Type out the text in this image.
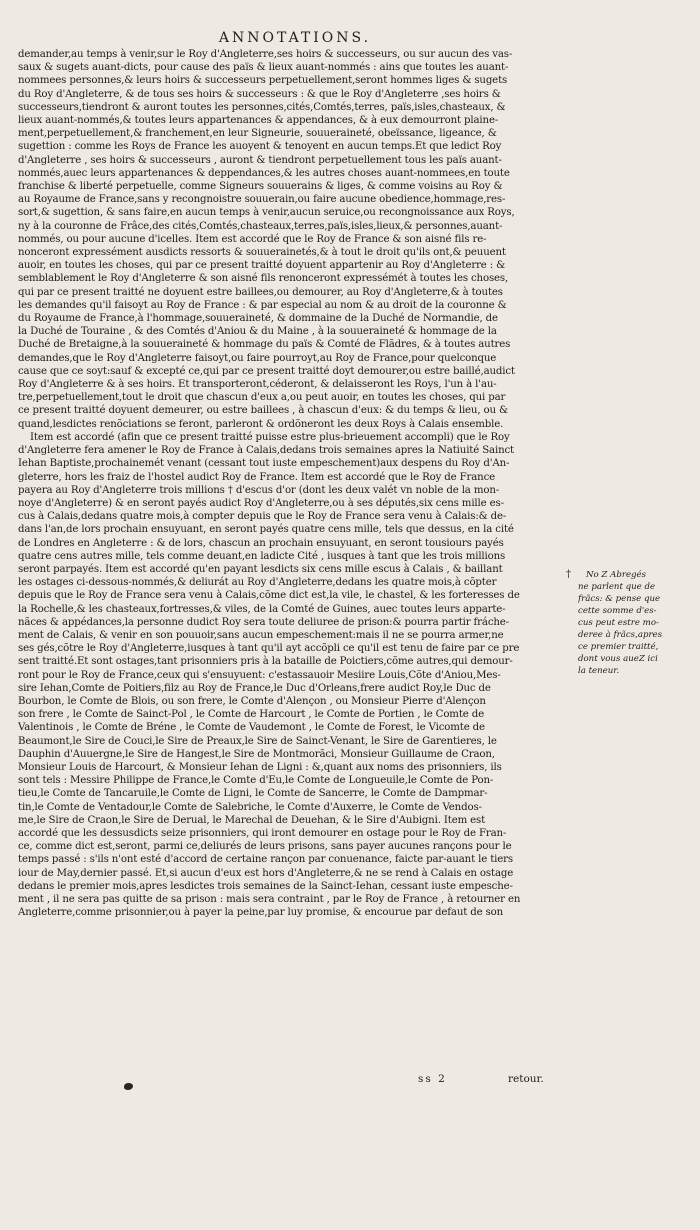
ANNOTATIONS.
demander,au temps à venir,sur le Roy d'Angleterre,ses hoirs & successeurs, ou sur aucun des vas-
saux & sugets auant-dicts, pour cause des païs & lieux auant-nommés : ains que toutes les auant-
nommees personnes,& leurs hoirs & successeurs perpetuellement,seront hommes liges & sugets
du Roy d'Angleterre, & de tous ses hoirs & successeurs : & que le Roy d'Angleterre ,ses hoirs &
successeurs,tiendront & auront toutes les personnes,cités,Comtés,terres, païs,isles,chasteaux, &
lieux auant-nommés,& toutes leurs appartenances & appendances, & à eux demourront plaine-
ment,perpetuellement,& franchement,en leur Signeurie, souueraineté, obeïssance, ligeance, &
sugettion : comme les Roys de France les auoyent & tenoyent en aucun temps.Et que ledict Roy
d'Angleterre , ses hoirs & successeurs , auront & tiendront perpetuellement tous les païs auant-
nommés,auec leurs appartenances & deppendances,& les autres choses auant-nommees,en toute
franchise & liberté perpetuelle, comme Signeurs souuerains & liges, & comme voisins au Roy &
au Royaume de France,sans y recongnoistre souuerain,ou faire aucune obedience,hommage,res-
sort,& sugettion, & sans faire,en aucun temps à venir,aucun seruice,ou recongnoissance aux Roys,
ny à la couronne de Frâce,des cités,Comtés,chasteaux,terres,païs,isles,lieux,& personnes,auant-
nommés, ou pour aucune d'icelles. Item est accordé que le Roy de France & son aisné fils re-
nonceront expressément ausdicts ressorts & souuerainetés,& à tout le droit qu'ils ont,& peuuent
auoir, en toutes les choses, qui par ce present traitté doyuent appartenir au Roy d'Angleterre : &
semblablement le Roy d'Angleterre & son aisné fils renonceront expressémét à toutes les choses,
qui par ce present traitté ne doyuent estre baillees,ou demourer, au Roy d'Angleterre,& à toutes
les demandes qu'il faisoyt au Roy de France : & par especial au nom & au droit de la couronne &
du Royaume de France,à l'hommage,souueraineté, & dommaine de la Duché de Normandie, de
la Duché de Touraine , & des Comtés d'Aniou & du Maine , à la souueraineté & hommage de la
Duché de Bretaigne,à la souueraineté & hommage du païs & Comté de Flãdres, & à toutes autres
demandes,que le Roy d'Angleterre faisoyt,ou faire pourroyt,au Roy de France,pour quelconque
cause que ce soyt:sauf & excepté ce,qui par ce present traitté doyt demourer,ou estre baillé,audict
Roy d'Angleterre & à ses hoirs. Et transporteront,céderont, & delaisseront les Roys, l'un à l'au-
tre,perpetuellement,tout le droit que chascun d'eux a,ou peut auoir, en toutes les choses, qui par
ce present traitté doyuent demeurer, ou estre baillees , à chascun d'eux: & du temps & lieu, ou &
quand,lesdictes renõciations se feront, parleront & ordõneront les deux Roys à Calais ensemble.
Item est accordé (afin que ce present traitté puisse estre plus-brieuement accompli) que le Roy
d'Angleterre fera amener le Roy de France à Calais,dedans trois semaines apres la Natiuité Sainct
Iehan Baptiste,prochainemét venant (cessant tout iuste empeschement)aux despens du Roy d'An-
gleterre, hors les fraiz de l'hostel audict Roy de France. Item est accordé que le Roy de France
payera au Roy d'Angleterre trois millions † d'escus d'or (dont les deux valét vn noble de la mon-
noye d'Angleterre) & en seront payés audict Roy d'Angleterre,ou à ses députés,six cens mille es-
cus à Calais,dedans quatre mois,à compter depuis que le Roy de France sera venu à Calais:& de-
dans l'an,de lors prochain ensuyuant, en seront payés quatre cens mille, tels que dessus, en la cité
de Londres en Angleterre : & de lors, chascun an prochain ensuyuant, en seront tousiours payés
quatre cens autres mille, tels comme deuant,en ladicte Cité , iusques à tant que les trois millions
seront parpayés. Item est accordé qu'en payant lesdicts six cens mille escus à Calais , & baillant
les ostages ci-dessous-nommés,& deliurát au Roy d'Angleterre,dedans les quatre mois,à cõpter
depuis que le Roy de France sera venu à Calais,cõme dict est,la vile, le chastel, & les forteresses de
la Rochelle,& les chasteaux,fortresses,& viles, de la Comté de Guines, auec toutes leurs apparte-
nãces & appédances,la personne dudict Roy sera toute deliuree de prison:& pourra partir fráche-
ment de Calais, & venir en son pouuoir,sans aucun empeschement:mais il ne se pourra armer,ne
ses gés,cõtre le Roy d'Angleterre,iusques à tant qu'il ayt accõpli ce qu'il est tenu de faire par ce pre
sent traitté.Et sont ostages,tant prisonniers pris à la bataille de Poictiers,cõme autres,qui demour-
ront pour le Roy de France,ceux qui s'ensuyuent: c'estassauoir Mesiire Louis,Cõte d'Aniou,Mes-
sire Iehan,Comte de Poitiers,filz au Roy de France,le Duc d'Orleans,frere audict Roy,le Duc de
Bourbon, le Comte de Blois, ou son frere, le Comte d'Alençon , ou Monsieur Pierre d'Alençon
son frere , le Comte de Sainct-Pol , le Comte de Harcourt , le Comte de Portien , le Comte de
Valentinois , le Comte de Bréne , le Comte de Vaudemont , le Comte de Forest, le Vicomte de
Beaumont,le Sire de Couci,le Sire de Preaux,le Sire de Sainct-Venant, le Sire de Garentieres, le
Dauphin d'Auuergne,le Sire de Hangest,le Sire de Montmorãci, Monsieur Guillaume de Craon,
Monsieur Louis de Harcourt, & Monsieur Iehan de Ligni : &,quant aux noms des prisonniers, ils
sont tels : Messire Philippe de France,le Comte d'Eu,le Comte de Longueuile,le Comte de Pon-
tieu,le Comte de Tancaruile,le Comte de Ligni, le Comte de Sancerre, le Comte de Dampmar-
tin,le Comte de Ventadour,le Comte de Salebriche, le Comte d'Auxerre, le Comte de Vendos-
me,le Sire de Craon,le Sire de Derual, le Marechal de Deuehan, & le Sire d'Aubigni. Item est
accordé que les dessusdicts seize prisonniers, qui iront demourer en ostage pour le Roy de Fran-
ce, comme dict est,seront, parmi ce,deliurés de leurs prisons, sans payer aucunes rançons pour le
temps passé : s'ils n'ont esté d'accord de certaine rançon par conuenance, faicte par-auant le tiers
iour de May,dernier passé. Et,si aucun d'eux est hors d'Angleterre,& ne se rend à Calais en ostage
dedans le premier mois,apres lesdictes trois semaines de la Sainct-Iehan, cessant iuste empesche-
ment , il ne sera pas quitte de sa prison : mais sera contraint , par le Roy de France , à retourner en
Angleterre,comme prisonnier,ou à payer la peine,par luy promise, & encourue par defaut de son
†	No Z Abregés
ne parlent que de
frãcs: & pense que
cette somme d'es-
cus peut estre mo-
deree à frãcs,apres
ce premier traitté,
dont vous aueZ ici
la teneur.
ss 2	retour.
